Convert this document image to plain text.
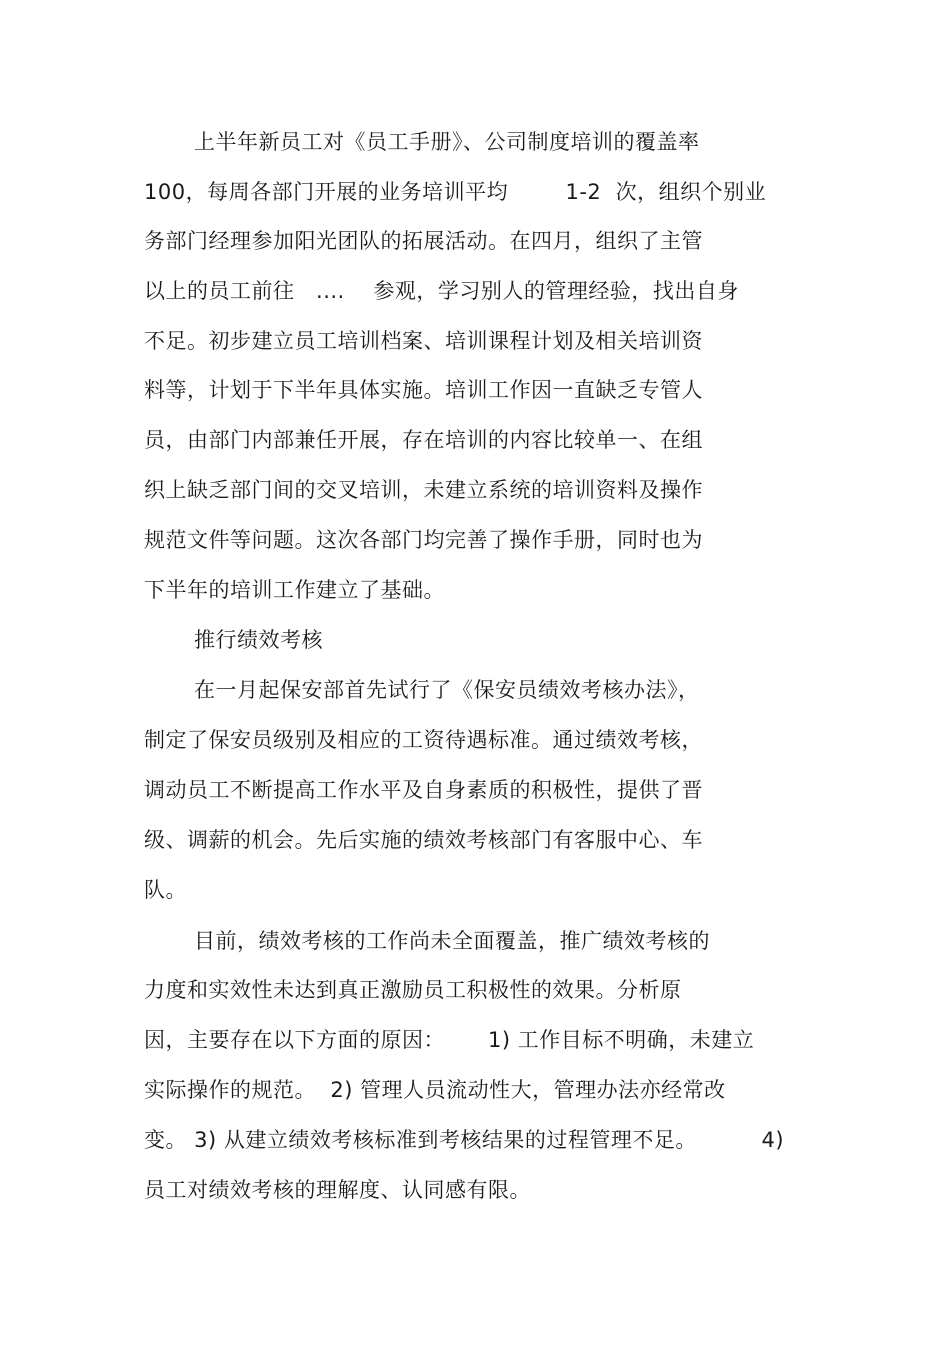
上半年新员工对《员工手册》、公司制度培训的覆盖率
100，每周各部门开展的业务培训平均        1-2  次，组织个别业
务部门经理参加阳光团队的拓展活动。在四月，组织了主管
以上的员工前往   ....    参观，学习别人的管理经验，找出自身
不足。初步建立员工培训档案、培训课程计划及相关培训资
料等，计划于下半年具体实施。培训工作因一直缺乏专管人
员，由部门内部兼任开展，存在培训的内容比较单一、在组
织上缺乏部门间的交叉培训，未建立系统的培训资料及操作
规范文件等问题。这次各部门均完善了操作手册，同时也为
下半年的培训工作建立了基础。
推行绩效考核
在一月起保安部首先试行了《保安员绩效考核办法》，
制定了保安员级别及相应的工资待遇标准。通过绩效考核，
调动员工不断提高工作水平及自身素质的积极性，提供了晋
级、调薪的机会。先后实施的绩效考核部门有客服中心、车
队。
目前，绩效考核的工作尚未全面覆盖，推广绩效考核的
力度和实效性未达到真正激励员工积极性的效果。分析原
因，主要存在以下方面的原因：      1) 工作目标不明确，未建立
实际操作的规范。  2) 管理人员流动性大，管理办法亦经常改
变。 3) 从建立绩效考核标准到考核结果的过程管理不足。         4)
员工对绩效考核的理解度、认同感有限。
